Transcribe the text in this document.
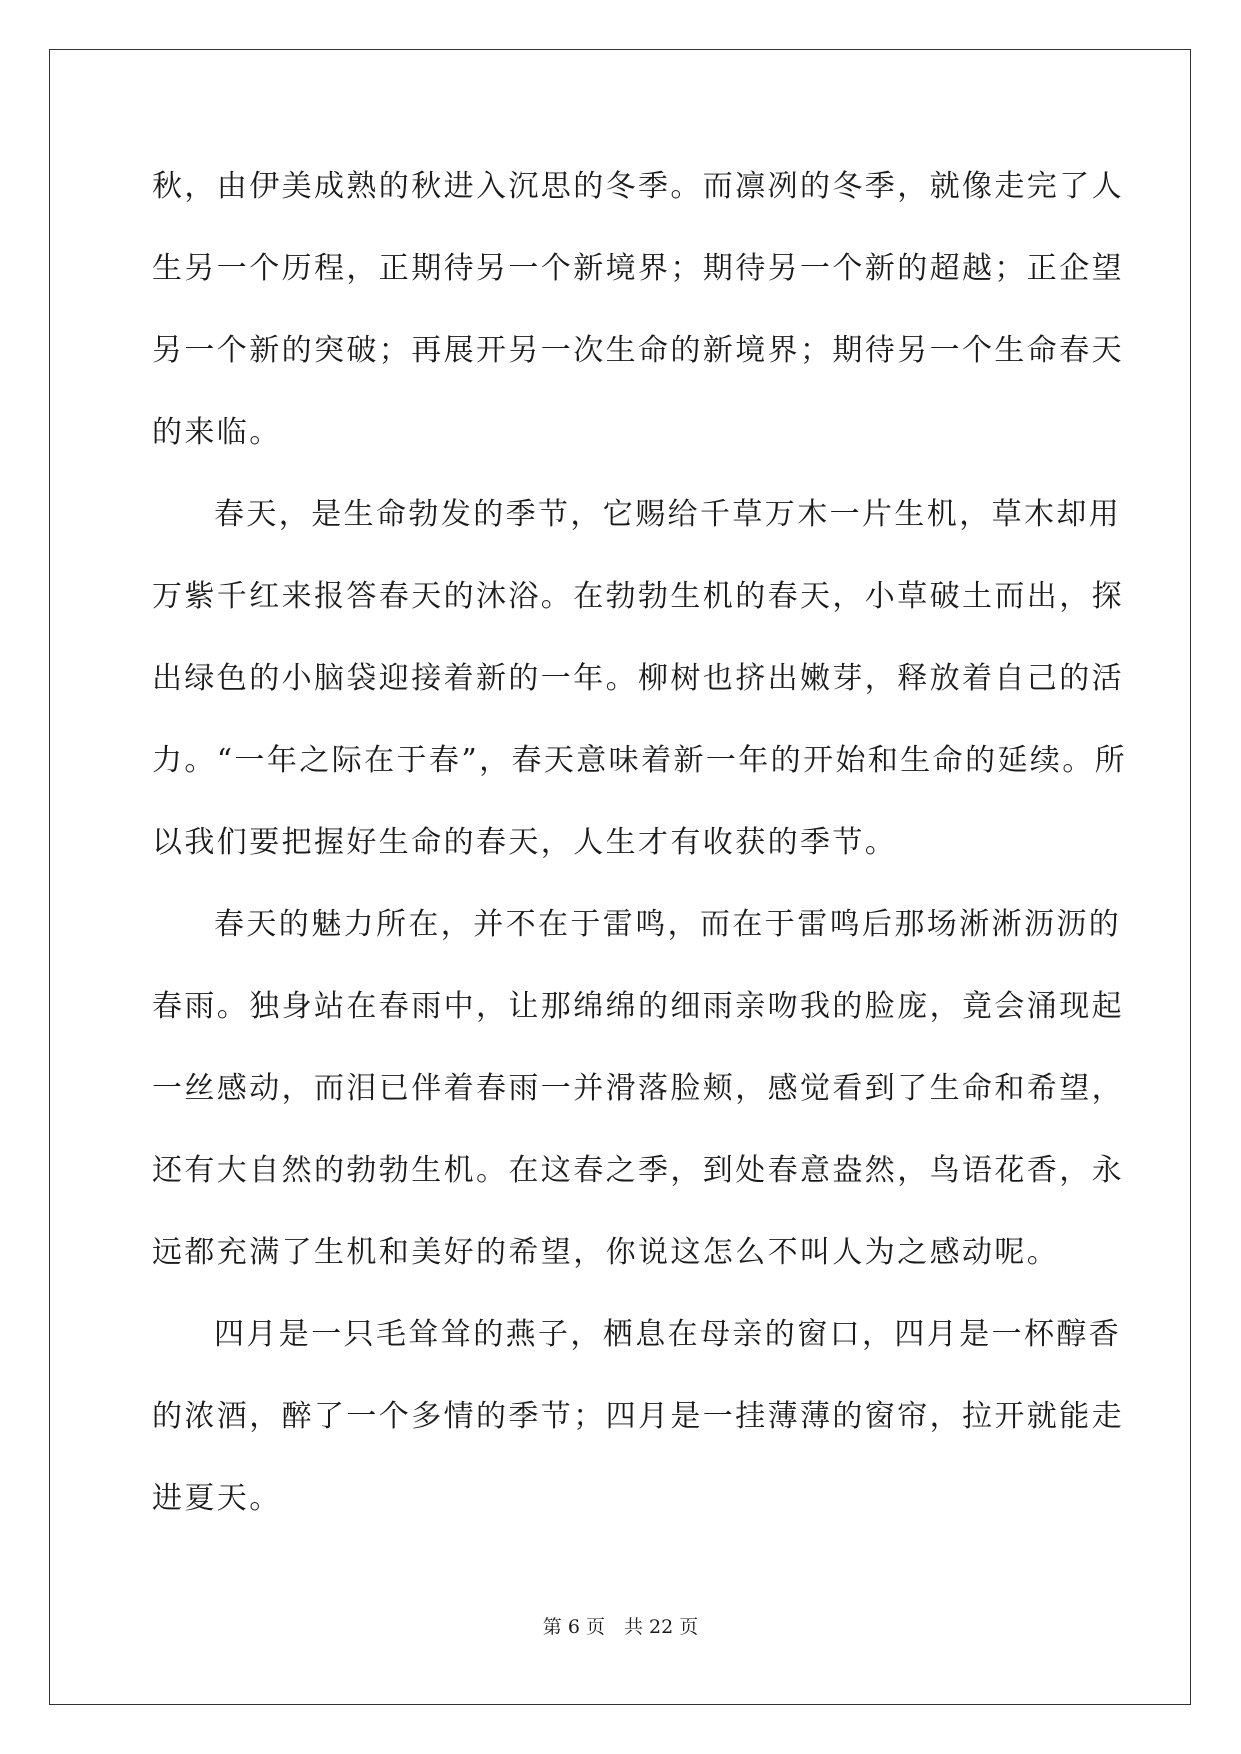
秋，由伊美成熟的秋进入沉思的冬季。而凛冽的冬季，就像走完了人
生另一个历程，正期待另一个新境界；期待另一个新的超越；正企望
另一个新的突破；再展开另一次生命的新境界；期待另一个生命春天
的来临。
春天，是生命勃发的季节，它赐给千草万木一片生机，草木却用
万紫千红来报答春天的沐浴。在勃勃生机的春天，小草破土而出，探
出绿色的小脑袋迎接着新的一年。柳树也挤出嫩芽，释放着自己的活
力。“一年之际在于春”，春天意味着新一年的开始和生命的延续。所
以我们要把握好生命的春天，人生才有收获的季节。
春天的魅力所在，并不在于雷鸣，而在于雷鸣后那场淅淅沥沥的
春雨。独身站在春雨中，让那绵绵的细雨亲吻我的脸庞，竟会涌现起
一丝感动，而泪已伴着春雨一并滑落脸颊，感觉看到了生命和希望，
还有大自然的勃勃生机。在这春之季，到处春意盎然，鸟语花香，永
远都充满了生机和美好的希望，你说这怎么不叫人为之感动呢。
四月是一只毛耸耸的燕子，栖息在母亲的窗口，四月是一杯醇香
的浓酒，醉了一个多情的季节；四月是一挂薄薄的窗帘，拉开就能走
进夏天。
第 6 页　共 22 页
